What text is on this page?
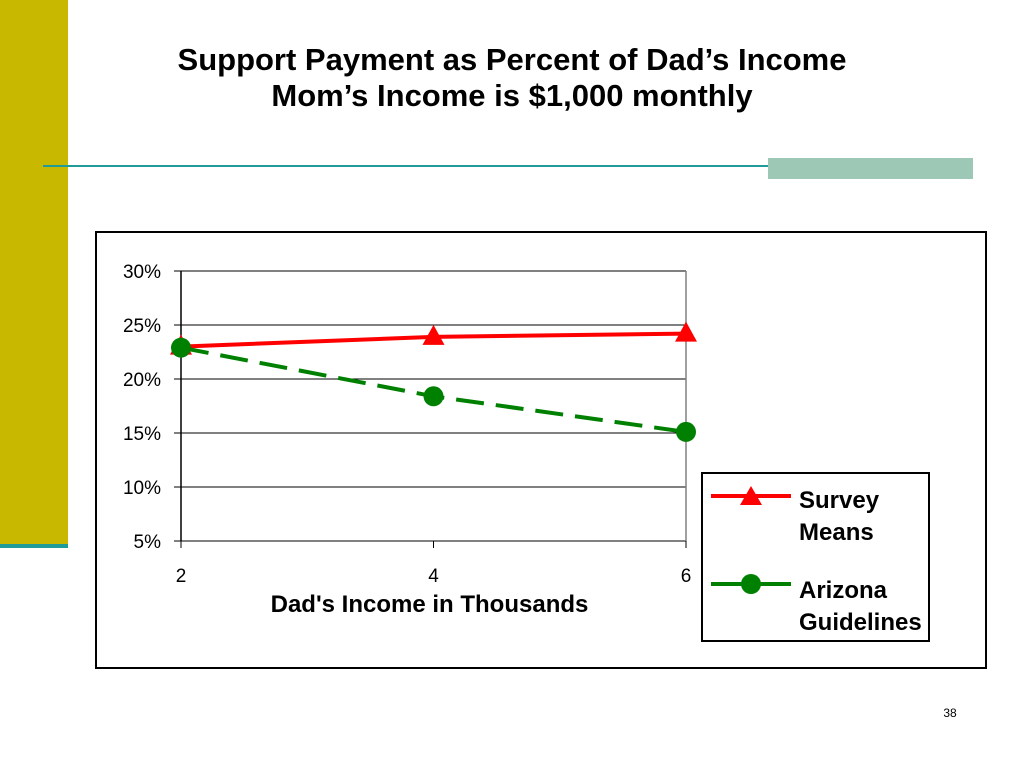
Support Payment as Percent of Dad’s Income
Mom’s Income is $1,000 monthly
5%
10%
15%
20%
25%
30%
2	4	6
Dad's Income in Thousands
Survey Means
Arizona Guidelines
38
